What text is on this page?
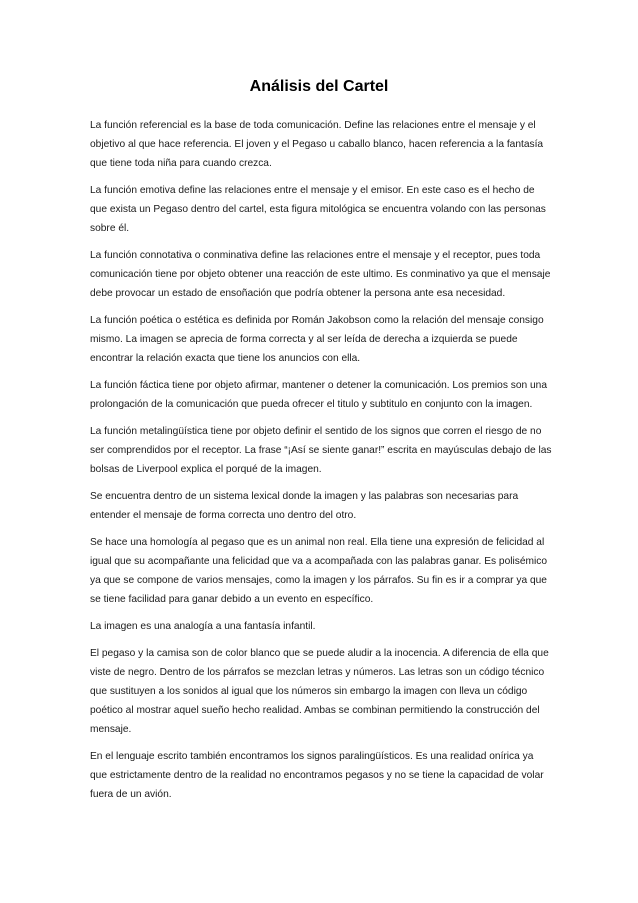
Análisis del Cartel

La función referencial es la base de toda comunicación. Define las relaciones entre el mensaje y el objetivo al que hace referencia. El joven y el Pegaso u caballo blanco, hacen referencia a la fantasía que tiene toda niña para cuando crezca.

La función emotiva define las relaciones entre el mensaje y el emisor. En este caso es el hecho de que exista un Pegaso dentro del cartel, esta figura mitológica se encuentra volando con las personas sobre él.

La función connotativa o conminativa define las relaciones entre el mensaje y el receptor, pues toda comunicación tiene por objeto obtener una reacción de este ultimo. Es conminativo ya que el mensaje debe provocar un estado de ensoñación que podría obtener la persona ante esa necesidad.

La función poética o estética es definida por Román Jakobson como la relación del mensaje consigo mismo. La imagen se aprecia de forma correcta y al ser leída de derecha a izquierda se puede encontrar la relación exacta que tiene los anuncios con ella.

La función fáctica tiene por objeto afirmar, mantener o detener la comunicación. Los premios son una prolongación de la comunicación que pueda ofrecer el titulo y subtitulo en conjunto con la imagen.

La función metalingüística tiene por objeto definir el sentido de los signos que corren el riesgo de no ser comprendidos por el receptor. La frase “¡Así se siente ganar!” escrita en mayúsculas debajo de las bolsas de Liverpool explica el porqué de la imagen.

Se encuentra dentro de un sistema lexical donde la imagen y las palabras son necesarias para entender el mensaje de forma correcta uno dentro del otro.

Se hace una homología al pegaso que es un animal non real. Ella tiene una expresión de felicidad al igual que su acompañante una felicidad que va a acompañada con las palabras ganar. Es polisémico ya que se compone de varios mensajes, como la imagen y los párrafos. Su fin es ir a comprar ya que se tiene facilidad para ganar debido a un evento en específico.

La imagen es una analogía a una fantasía infantil.

El pegaso y la camisa son de color blanco que se puede aludir a la inocencia. A diferencia de ella que viste de negro. Dentro de los párrafos se mezclan letras y números. Las letras son un código técnico que sustituyen a los sonidos al igual que los números sin embargo la imagen con lleva un código poético al mostrar aquel sueño hecho realidad. Ambas se combinan permitiendo la construcción del mensaje.

En el lenguaje escrito también encontramos los signos paralingüísticos. Es una realidad onírica ya que estrictamente dentro de la realidad no encontramos pegasos y no se tiene la capacidad de volar fuera de un avión.
